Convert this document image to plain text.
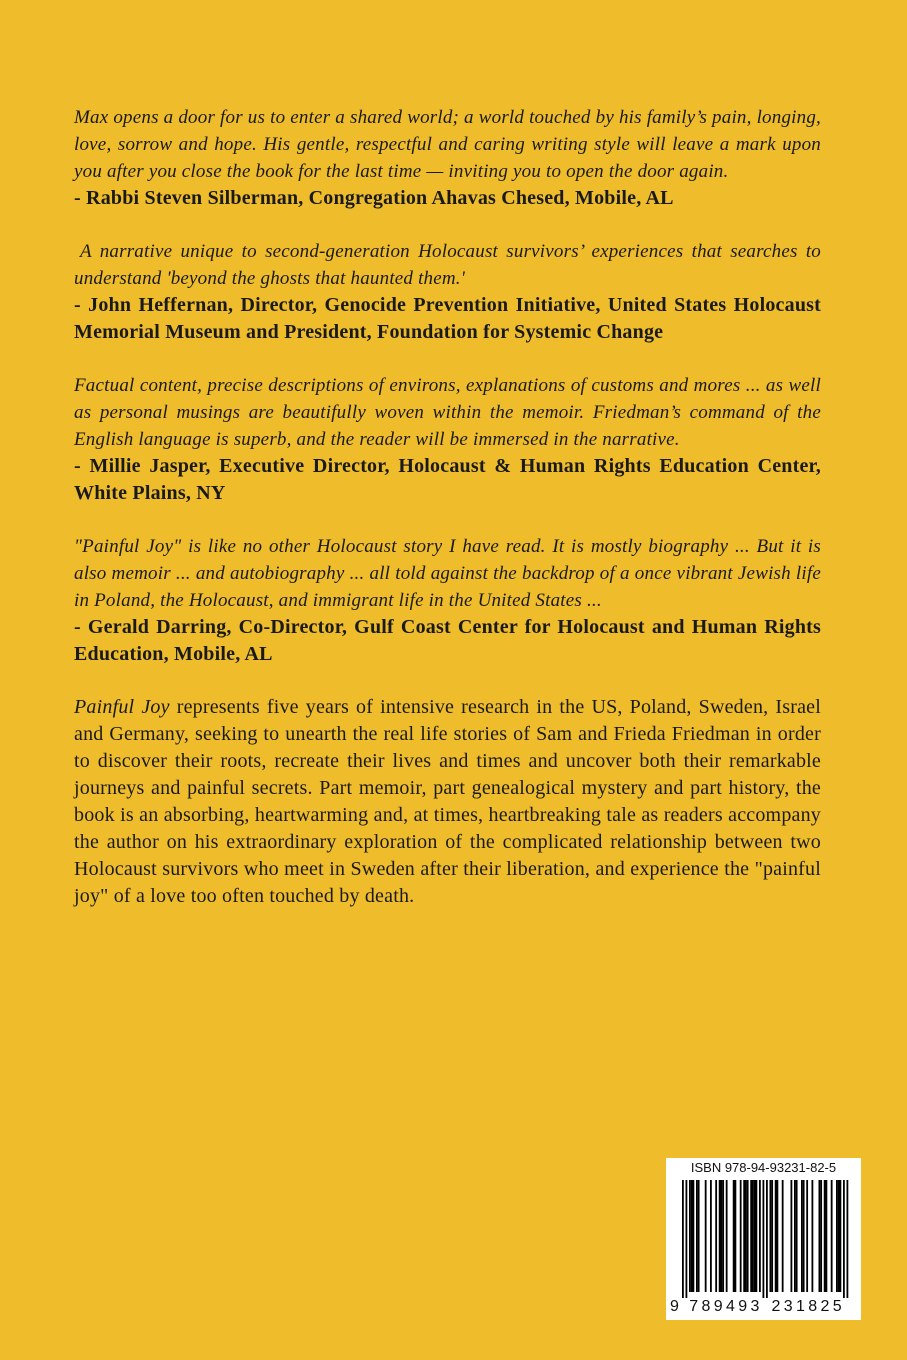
Max opens a door for us to enter a shared world; a world touched by his family’s pain, longing, love, sorrow and hope. His gentle, respectful and caring writing style will leave a mark upon you after you close the book for the last time — inviting you to open the door again.
- Rabbi Steven Silberman, Congregation Ahavas Chesed, Mobile, AL
A narrative unique to second-generation Holocaust survivors’ experiences that searches to understand 'beyond the ghosts that haunted them.'
- John Heffernan, Director, Genocide Prevention Initiative, United States Holocaust Memorial Museum and President, Foundation for Systemic Change
Factual content, precise descriptions of environs, explanations of customs and mores ... as well as personal musings are beautifully woven within the memoir. Friedman’s command of the English language is superb, and the reader will be immersed in the narrative.
- Millie Jasper, Executive Director, Holocaust & Human Rights Education Center, White Plains, NY
"Painful Joy" is like no other Holocaust story I have read. It is mostly biography ... But it is also memoir ... and autobiography ... all told against the backdrop of a once vibrant Jewish life in Poland, the Holocaust, and immigrant life in the United States ...
- Gerald Darring, Co-Director, Gulf Coast Center for Holocaust and Human Rights Education, Mobile, AL
Painful Joy represents five years of intensive research in the US, Poland, Sweden, Israel and Germany, seeking to unearth the real life stories of Sam and Frieda Friedman in order to discover their roots, recreate their lives and times and uncover both their remarkable journeys and painful secrets. Part memoir, part genealogical mystery and part history, the book is an absorbing, heartwarming and, at times, heartbreaking tale as readers accompany the author on his extraordinary exploration of the complicated relationship between two Holocaust survivors who meet in Sweden after their liberation, and experience the "painful joy" of a love too often touched by death.
ISBN 978-94-93231-82-5
9 7 8 9 4 9 3 2 3 1 8 2 5
